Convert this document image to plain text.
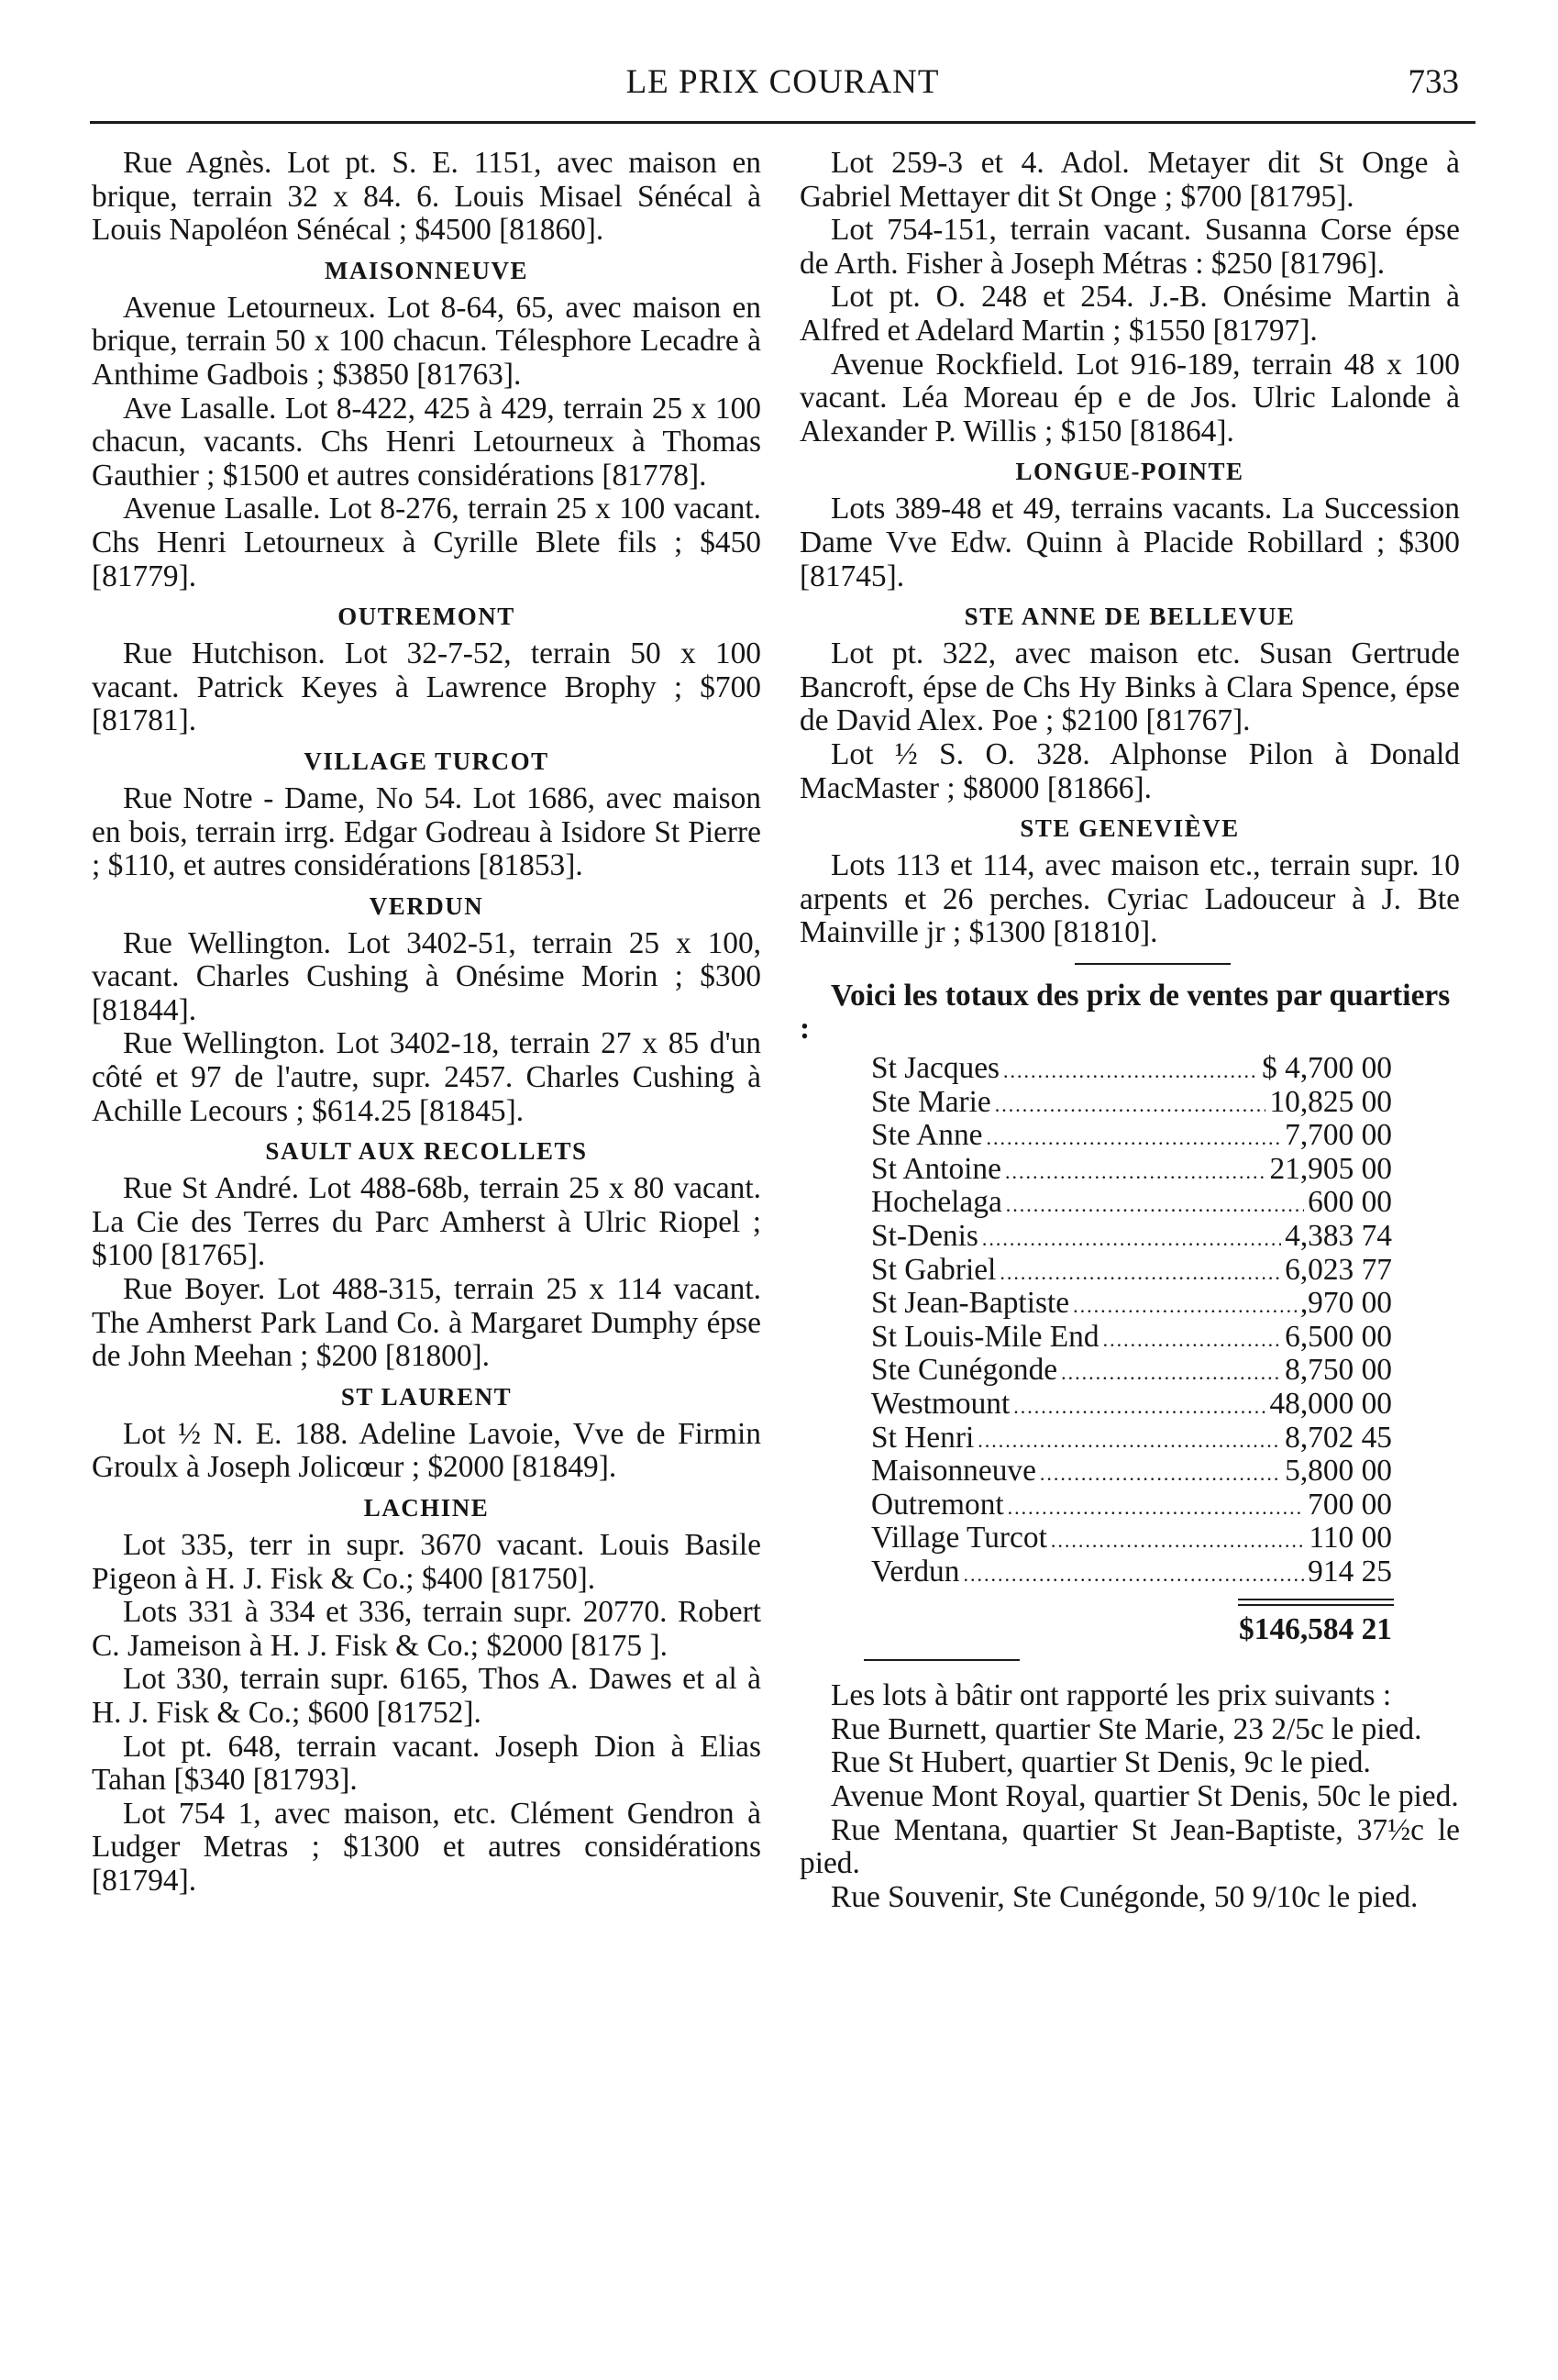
LE PRIX COURANT	733

Rue Agnès. Lot pt. S. E. 1151, avec maison en brique, terrain 32 x 84. 6. Louis Misael Sénécal à Louis Napoléon Sénécal ; $4500 [81860].

MAISONNEUVE

Avenue Letourneux. Lot 8-64, 65, avec maison en brique, terrain 50 x 100 chacun. Télesphore Lecadre à Anthime Gadbois ; $3850 [81763].

Ave Lasalle. Lot 8-422, 425 à 429, terrain 25 x 100 chacun, vacants. Chs Henri Letourneux à Thomas Gauthier ; $1500 et autres considérations [81778].

Avenue Lasalle. Lot 8-276, terrain 25 x 100 vacant. Chs Henri Letourneux à Cyrille Blete fils ; $450 [81779].

OUTREMONT

Rue Hutchison. Lot 32-7-52, terrain 50 x 100 vacant. Patrick Keyes à Lawrence Brophy ; $700 [81781].

VILLAGE TURCOT

Rue Notre - Dame, No 54. Lot 1686, avec maison en bois, terrain irrg. Edgar Godreau à Isidore St Pierre ; $110, et autres considérations [81853].

VERDUN

Rue Wellington. Lot 3402-51, terrain 25 x 100, vacant. Charles Cushing à Onésime Morin ; $300 [81844].

Rue Wellington. Lot 3402-18, terrain 27 x 85 d'un côté et 97 de l'autre, supr. 2457. Charles Cushing à Achille Lecours ; $614.25 [81845].

SAULT AUX RECOLLETS

Rue St André. Lot 488-68b, terrain 25 x 80 vacant. La Cie des Terres du Parc Amherst à Ulric Riopel ; $100 [81765].

Rue Boyer. Lot 488-315, terrain 25 x 114 vacant. The Amherst Park Land Co. à Margaret Dumphy épse de John Meehan ; $200 [81800].

ST LAURENT

Lot ½ N. E. 188. Adeline Lavoie, Vve de Firmin Groulx à Joseph Jolicœur ; $2000 [81849].

LACHINE

Lot 335, terr in supr. 3670 vacant. Louis Basile Pigeon à H. J. Fisk & Co.; $400 [81750].

Lots 331 à 334 et 336, terrain supr. 20770. Robert C. Jameison à H. J. Fisk & Co.; $2000 [8175 ].

Lot 330, terrain supr. 6165, Thos A. Dawes et al à H. J. Fisk & Co.; $600 [81752].

Lot pt. 648, terrain vacant. Joseph Dion à Elias Tahan [$340 [81793].

Lot 754 1, avec maison, etc. Clément Gendron à Ludger Metras ; $1300 et autres considérations [81794].

Lot 259-3 et 4. Adol. Metayer dit St Onge à Gabriel Mettayer dit St Onge ; $700 [81795].

Lot 754-151, terrain vacant. Susanna Corse épse de Arth. Fisher à Joseph Métras : $250 [81796].

Lot pt. O. 248 et 254. J.-B. Onésime Martin à Alfred et Adelard Martin ; $1550 [81797].

Avenue Rockfield. Lot 916-189, terrain 48 x 100 vacant. Léa Moreau ép e de Jos. Ulric Lalonde à Alexander P. Willis ; $150 [81864].

LONGUE-POINTE

Lots 389-48 et 49, terrains vacants. La Succession Dame Vve Edw. Quinn à Placide Robillard ; $300 [81745].

STE ANNE DE BELLEVUE

Lot pt. 322, avec maison etc. Susan Gertrude Bancroft, épse de Chs Hy Binks à Clara Spence, épse de David Alex. Poe ; $2100 [81767].

Lot ½ S. O. 328. Alphonse Pilon à Donald MacMaster ; $8000 [81866].

STE GENEVIÈVE

Lots 113 et 114, avec maison etc., terrain supr. 10 arpents et 26 perches. Cyriac Ladouceur à J. Bte Mainville jr ; $1300 [81810].

Voici les totaux des prix de ventes par quartiers :

St Jacques .....	$ 4,700 00
Ste Marie .....	10,825 00
Ste Anne .....	7,700 00
St Antoine .....	21,905 00
Hochelaga .....	600 00
St-Denis .....	4,383 74
St Gabriel .....	6,023 77
St Jean-Baptiste .....	,970 00
St Louis-Mile End .....	6,500 00
Ste Cunégonde .....	8,750 00
Westmount .....	48,000 00
St Henri .....	8,702 45
Maisonneuve .....	5,800 00
Outremont .....	700 00
Village Turcot .....	110 00
Verdun .....	914 25
$146,584 21

Les lots à bâtir ont rapporté les prix suivants :

Rue Burnett, quartier Ste Marie, 23 2/5c le pied.

Rue St Hubert, quartier St Denis, 9c le pied.

Avenue Mont Royal, quartier St Denis, 50c le pied.

Rue Mentana, quartier St Jean-Baptiste, 37½c le pied.

Rue Souvenir, Ste Cunégonde, 50 9/10c le pied.
